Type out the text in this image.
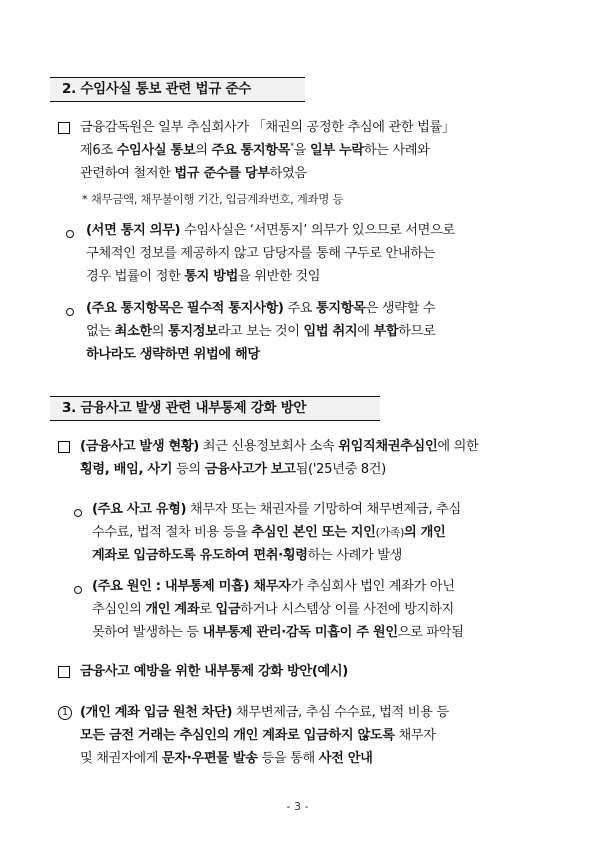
2. 수임사실 통보 관련 법규 준수
금융감독원은 일부 추심회사가 「채권의 공정한 추심에 관한 법률」
제6조 수임사실 통보의 주요 통지항목*을 일부 누락하는 사례와
관련하여 철저한 법규 준수를 당부하였음
* 채무금액, 채무불이행 기간, 입금계좌번호, 계좌명 등
(서면 통지 의무) 수임사실은 ‘서면통지’ 의무가 있으므로 서면으로
구체적인 정보를 제공하지 않고 담당자를 통해 구두로 안내하는
경우 법률이 정한 통지 방법을 위반한 것임
(주요 통지항목은 필수적 통지사항) 주요 통지항목은 생략할 수
없는 최소한의 통지정보라고 보는 것이 입법 취지에 부합하므로
하나라도 생략하면 위법에 해당
3. 금융사고 발생 관련 내부통제 강화 방안
(금융사고 발생 현황) 최근 신용정보회사 소속 위임직채권추심인에 의한
횡령, 배임, 사기 등의 금융사고가 보고됨('25년중 8건)
(주요 사고 유형) 채무자 또는 채권자를 기망하여 채무변제금, 추심
수수료, 법적 절차 비용 등을 추심인 본인 또는 지인(가족)의 개인
계좌로 입금하도록 유도하여 편취·횡령하는 사례가 발생
(주요 원인 : 내부통제 미흡) 채무자가 추심회사 법인 계좌가 아닌
추심인의 개인 계좌로 입금하거나 시스템상 이를 사전에 방지하지
못하여 발생하는 등 내부통제 관리·감독 미흡이 주 원인으로 파악됨
금융사고 예방을 위한 내부통제 강화 방안(예시)
1 (개인 계좌 입금 원천 차단) 채무변제금, 추심 수수료, 법적 비용 등
모든 금전 거래는 추심인의 개인 계좌로 입금하지 않도록 채무자
및 채권자에게 문자·우편물 발송 등을 통해 사전 안내
- 3 -
